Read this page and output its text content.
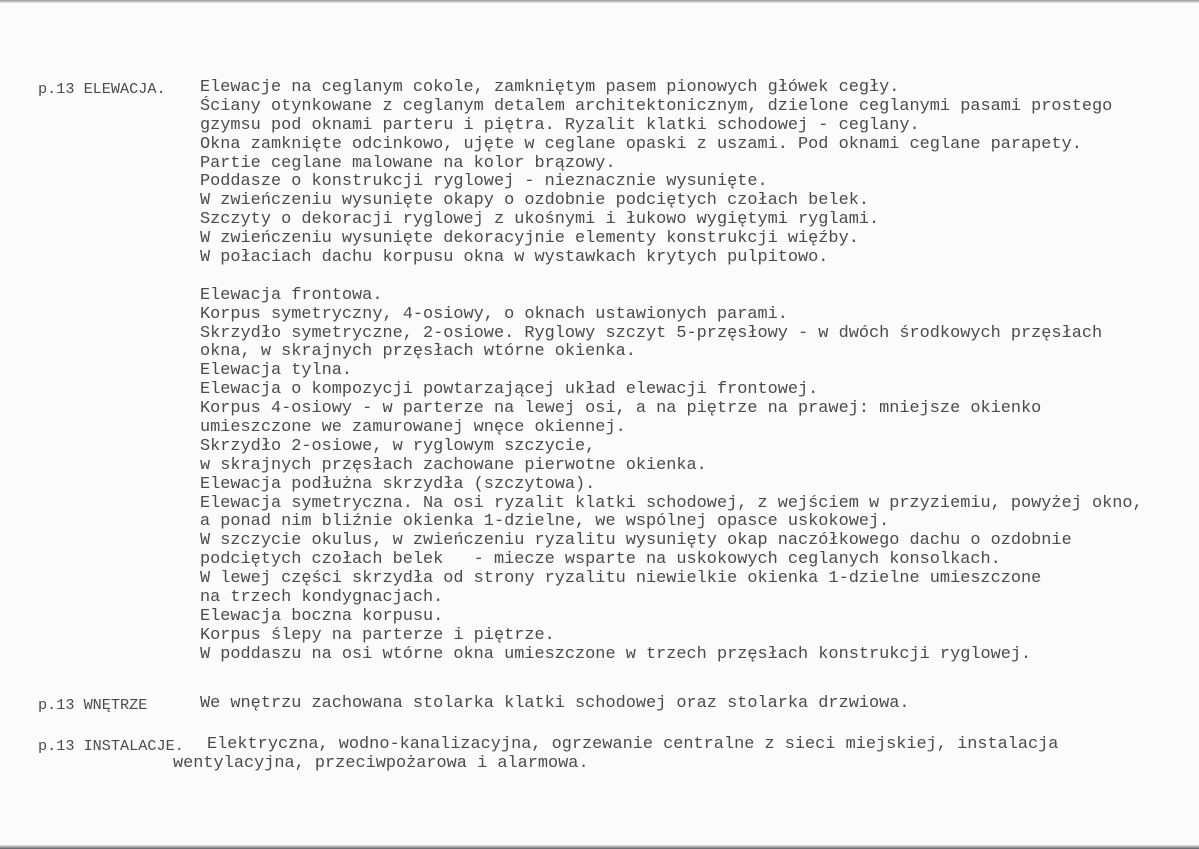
p.13 ELEWACJA. Elewacje na ceglanym cokole, zamkniętym pasem pionowych główek cegły.
Ściany otynkowane z ceglanym detalem architektonicznym, dzielone ceglanymi pasami prostego
gzymsu pod oknami parteru i piętra. Ryzalit klatki schodowej - ceglany.
Okna zamknięte odcinkowo, ujęte w ceglane opaski z uszami. Pod oknami ceglane parapety.
Partie ceglane malowane na kolor brązowy.
Poddasze o konstrukcji ryglowej - nieznacznie wysunięte.
W zwieńczeniu wysunięte okapy o ozdobnie podciętych czołach belek.
Szczyty o dekoracji ryglowej z ukośnymi i łukowo wygiętymi ryglami.
W zwieńczeniu wysunięte dekoracyjnie elementy konstrukcji więźby.
W połaciach dachu korpusu okna w wystawkach krytych pulpitowo.
Elewacja frontowa.
Korpus symetryczny, 4-osiowy, o oknach ustawionych parami.
Skrzydło symetryczne, 2-osiowe. Ryglowy szczyt 5-przęsłowy - w dwóch środkowych przęsłach
okna, w skrajnych przęsłach wtórne okienka.
Elewacja tylna.
Elewacja o kompozycji powtarzającej układ elewacji frontowej.
Korpus 4-osiowy - w parterze na lewej osi, a na piętrze na prawej: mniejsze okienko
umieszczone we zamurowanej wnęce okiennej.
Skrzydło 2-osiowe, w ryglowym szczycie,
w skrajnych przęsłach zachowane pierwotne okienka.
Elewacja podłużna skrzydła (szczytowa).
Elewacja symetryczna. Na osi ryzalit klatki schodowej, z wejściem w przyziemiu, powyżej okno,
a ponad nim bliźnie okienka 1-dzielne, we wspólnej opasce uskokowej.
W szczycie okulus, w zwieńczeniu ryzalitu wysunięty okap naczółkowego dachu o ozdobnie
podciętych czołach belek   - miecze wsparte na uskokowych ceglanych konsolkach.
W lewej części skrzydła od strony ryzalitu niewielkie okienka 1-dzielne umieszczone
na trzech kondygnacjach.
Elewacja boczna korpusu.
Korpus ślepy na parterze i piętrze.
W poddaszu na osi wtórne okna umieszczone w trzech przęsłach konstrukcji ryglowej.
p.13 WNĘTRZE	We wnętrzu zachowana stolarka klatki schodowej oraz stolarka drzwiowa.
p.13 INSTALACJE.	Elektryczna, wodno-kanalizacyjna, ogrzewanie centralne z sieci miejskiej, instalacja
wentylacyjna, przeciwpożarowa i alarmowa.
